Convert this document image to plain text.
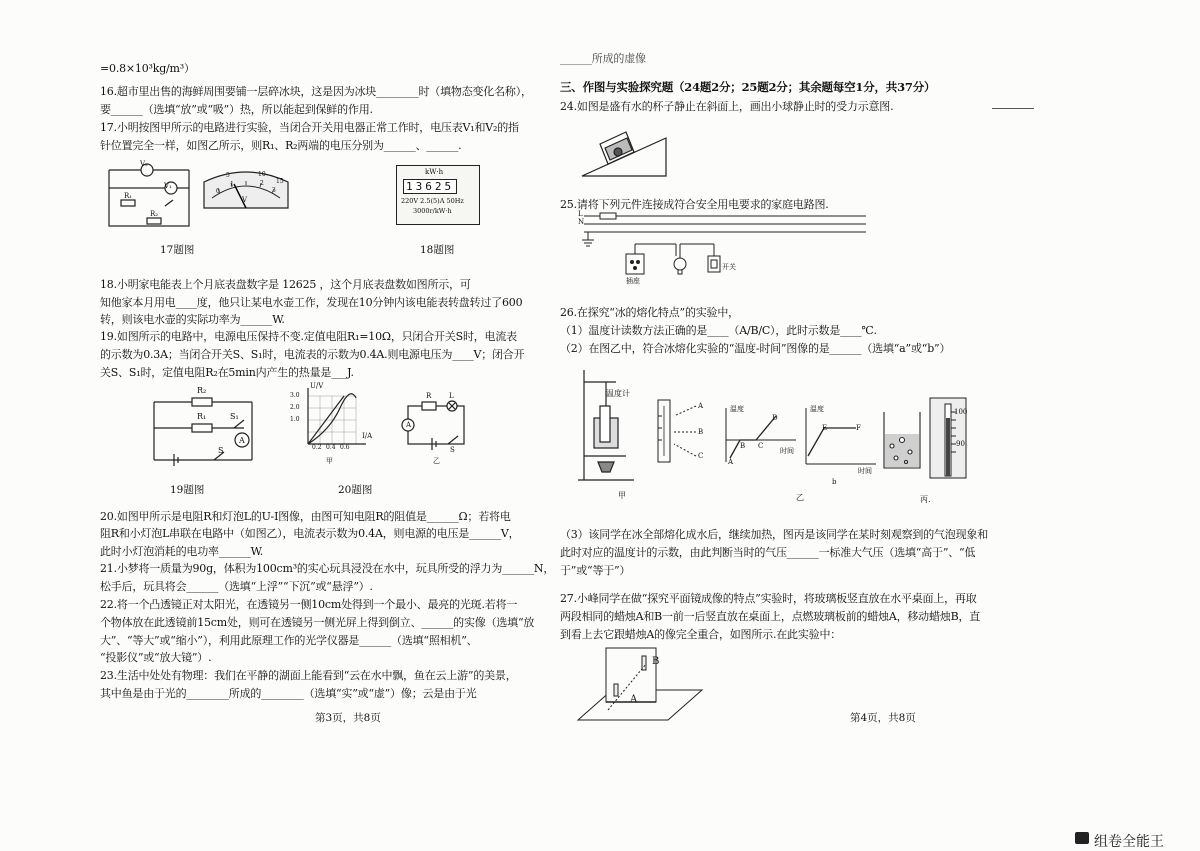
=0.8×10³kg/m³）
16.超市里出售的海鲜周围要铺一层碎冰块，这是因为冰块________时（填物态变化名称），
要______（选填“放”或“吸”）热，所以能起到保鲜的作用.
17.小明按图甲所示的电路进行实验，当闭合开关用电器正常工作时，电压表V₁和V₂的指
针位置完全一样，如图乙所示，则R₁、R₂两端的电压分别为______、______.
V₂
V₁
R₁
R₂
0
1	2
3
5	10
15
V
kW·h
13625
220V 2.5(5)A 50Hz
3000r/kW·h
17题图	18题图
18.小明家电能表上个月底表盘数字是 12625 ，这个月底表盘数如图所示，可
知他家本月用电____度，他只让某电水壶工作，发现在10分钟内该电能表转盘转过了600
转，则该电水壶的实际功率为______W.
19.如图所示的电路中，电源电压保持不变.定值电阻R₁=10Ω，只闭合开关S时，电流表
的示数为0.3A；当闭合开关S、S₁时，电流表的示数为0.4A.则电源电压为____V；闭合开
关S、S₁时，定值电阻R₂在5min内产生的热量是___J.
R₂
R₁	S₁
A
S
19题图
U/V
I/A
3.0
2.0
1.0
0.2 0.4 0.6
甲
R	L
A
S
乙
20题图
20.如图甲所示是电阻R和灯泡L的U-I图像，由图可知电阻R的阻值是______Ω；若将电
阻R和小灯泡L串联在电路中（如图乙），电流表示数为0.4A，则电源的电压是______V，
此时小灯泡消耗的电功率______W.
21.小梦将一质量为90g，体积为100cm³的实心玩具浸没在水中，玩具所受的浮力为______N，
松手后，玩具将会______（选填“上浮”“下沉”或“悬浮”）.
22.将一个凸透镜正对太阳光，在透镜另一侧10cm处得到一个最小、最亮的光斑.若将一
个物体放在此透镜前15cm处，则可在透镜另一侧光屏上得到倒立、______的实像（选填“放
大”、“等大”或“缩小”），利用此原理工作的光学仪器是______（选填“照相机”、
“投影仪”或“放大镜”）.
23.生活中处处有物理：我们在平静的湖面上能看到“云在水中飘，鱼在云上游”的美景，
其中鱼是由于光的________所成的________（选填“实”或“虚”）像；云是由于光
第3页，共8页
______所成的虚像
三、作图与实验探究题（24题2分；25题2分；其余题每空1分，共37分）
24.如图是盛有水的杯子静止在斜面上，画出小球静止时的受力示意图.
25.请将下列元件连接成符合安全用电要求的家庭电路图.
L
N
插座
开关
26.在探究“冰的熔化特点”的实验中，
（1）温度计读数方法正确的是____（A/B/C），此时示数是____℃.
（2）在图乙中，符合冰熔化实验的“温度-时间”图像的是______（选填“a”或“b”）
温度计
甲
A
B
C
温度
时间
A
B C
D
温度
时间
E	F
b
乙
100
90
丙.
（3）该同学在冰全部熔化成水后，继续加热，图丙是该同学在某时刻观察到的气泡现象和
此时对应的温度计的示数，由此判断当时的气压______一标准大气压（选填“高于”、“低
于”或“等于”）
27.小峰同学在做“探究平面镜成像的特点”实验时，将玻璃板竖直放在水平桌面上，再取
两段相同的蜡烛A和B一前一后竖直放在桌面上，点燃玻璃板前的蜡烛A，移动蜡烛B，直
到看上去它跟蜡烛A的像完全重合，如图所示.在此实验中：
A
B
第4页，共8页
组卷全能王
